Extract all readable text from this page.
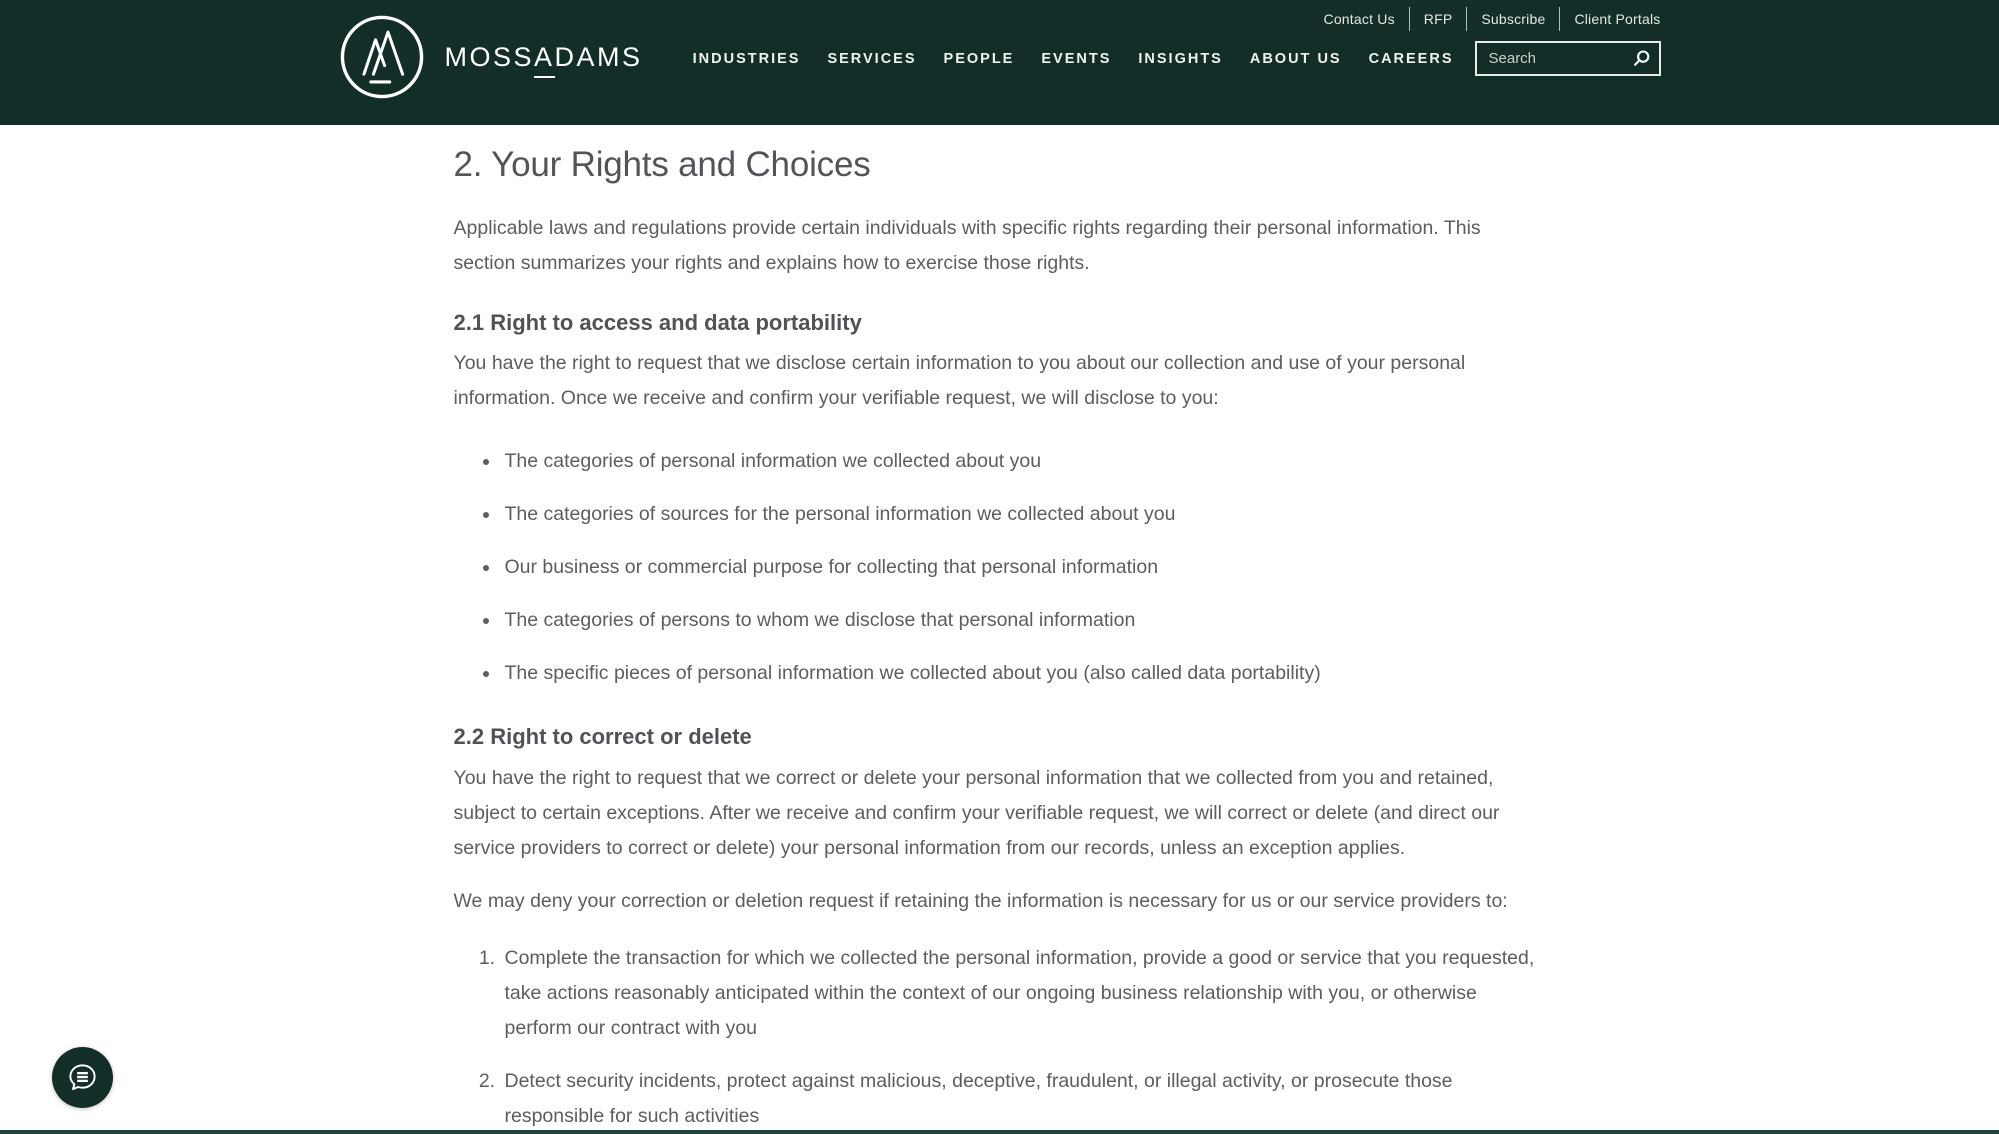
Contact Us	RFP	Subscribe	Client Portals
MOSSADAMS	INDUSTRIES SERVICES PEOPLE EVENTS INSIGHTS ABOUT US CAREERS
Search
2. Your Rights and Choices

Applicable laws and regulations provide certain individuals with specific rights regarding their personal information. This section summarizes your rights and explains how to exercise those rights.

2.1 Right to access and data portability

You have the right to request that we disclose certain information to you about our collection and use of your personal information. Once we receive and confirm your verifiable request, we will disclose to you:

• The categories of personal information we collected about you
• The categories of sources for the personal information we collected about you
• Our business or commercial purpose for collecting that personal information
• The categories of persons to whom we disclose that personal information
• The specific pieces of personal information we collected about you (also called data portability)
2.2 Right to correct or delete

You have the right to request that we correct or delete your personal information that we collected from you and retained, subject to certain exceptions. After we receive and confirm your verifiable request, we will correct or delete (and direct our service providers to correct or delete) your personal information from our records, unless an exception applies.

We may deny your correction or deletion request if retaining the information is necessary for us or our service providers to:

1. Complete the transaction for which we collected the personal information, provide a good or service that you requested, take actions reasonably anticipated within the context of our ongoing business relationship with you, or otherwise perform our contract with you
2. Detect security incidents, protect against malicious, deceptive, fraudulent, or illegal activity, or prosecute those responsible for such activities
